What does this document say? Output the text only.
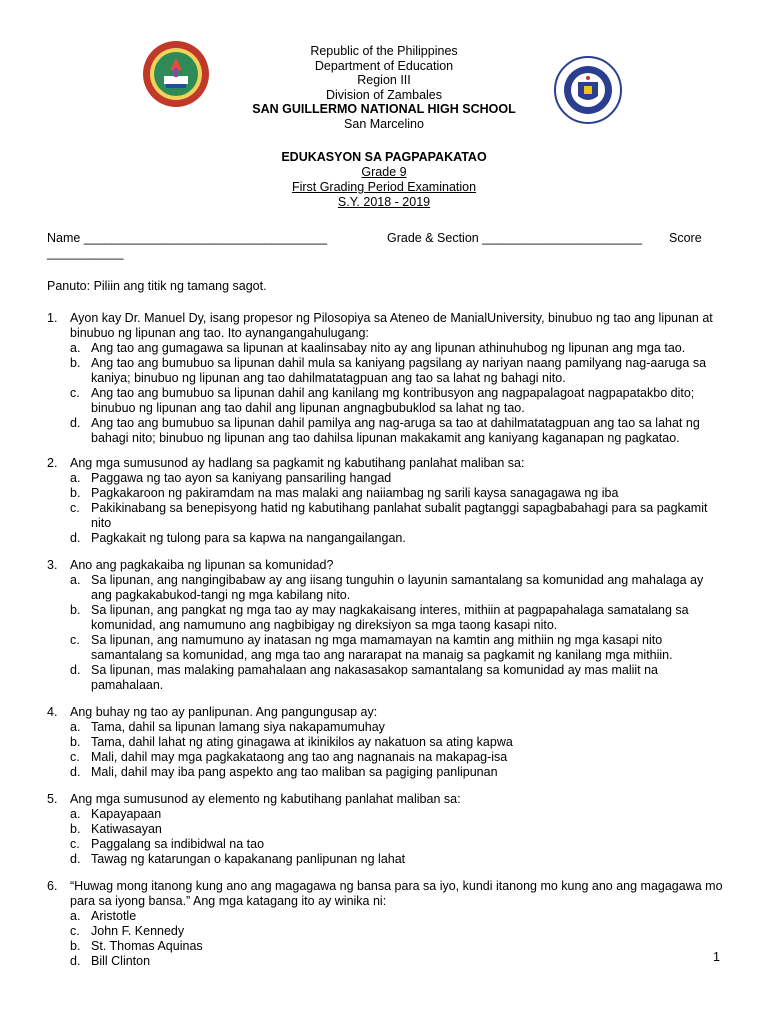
Republic of the Philippines
Department of Education
Region III
Division of Zambales
SAN GUILLERMO NATIONAL HIGH SCHOOL
San Marcelino
EDUKASYON SA PAGPAPAKATAO
Grade 9
First Grading Period Examination
S.Y. 2018 - 2019
Name ___________________________________	Grade & Section _______________________ Score
___________
Panuto: Piliin ang titik ng tamang sagot.
1. Ayon kay Dr. Manuel Dy, isang propesor ng Pilosopiya sa Ateneo de ManialUniversity, binubuo ng tao ang lipunan at binubuo ng lipunan ang tao. Ito aynangangahulugang:
a. Ang tao ang gumagawa sa lipunan at kaalinsabay nito ay ang lipunan athinuhubog ng lipunan ang mga tao.
b. Ang tao ang bumubuo sa lipunan dahil mula sa kaniyang pagsilang ay nariyan naang pamilyang nag-aaruga sa kaniya; binubuo ng lipunan ang tao dahilmatatagpuan ang tao sa lahat ng bahagi nito.
c. Ang tao ang bumubuo sa lipunan dahil ang kanilang mg kontribusyon ang nagpapalagoat nagpapatakbo dito; binubuo ng lipunan ang tao dahil ang lipunan angnagbubuklod sa lahat ng tao.
d. Ang tao ang bumubuo sa lipunan dahil pamilya ang nag-aruga sa tao at dahilmatatagpuan ang tao sa lahat ng bahagi nito; binubuo ng lipunan ang tao dahilsa lipunan makakamit ang kaniyang kaganapan ng pagkatao.
2. Ang mga sumusunod ay hadlang sa pagkamit ng kabutihang panlahat maliban sa:
a. Paggawa ng tao ayon sa kaniyang pansariling hangad
b. Pagkakaroon ng pakiramdam na mas malaki ang naiiambag ng sarili kaysa sanagagawa ng iba
c. Pakikinabang sa benepisyong hatid ng kabutihang panlahat subalit pagtanggi sapagbabahagi para sa pagkamit nito
d. Pagkakait ng tulong para sa kapwa na nangangailangan.
3. Ano ang pagkakaiba ng lipunan sa komunidad?
a. Sa lipunan, ang nangingibabaw ay ang iisang tunguhin o layunin samantalang sa komunidad ang mahalaga ay ang pagkakabukod-tangi ng mga kabilang nito.
b. Sa lipunan, ang pangkat ng mga tao ay may nagkakaisang interes, mithiin at pagpapahalaga samatalang sa komunidad, ang namumuno ang nagbibigay ng direksiyon sa mga taong kasapi nito.
c. Sa lipunan, ang namumuno ay inatasan ng mga mamamayan na kamtin ang mithiin ng mga kasapi nito samantalang sa komunidad, ang mga tao ang nararapat na manaig sa pagkamit ng kanilang mga mithiin.
d. Sa lipunan, mas malaking pamahalaan ang nakasasakop samantalang sa komunidad ay mas maliit na pamahalaan.
4. Ang buhay ng tao ay panlipunan. Ang pangungusap ay:
a. Tama, dahil sa lipunan lamang siya nakapamumuhay
b. Tama, dahil lahat ng ating ginagawa at ikinikilos ay nakatuon sa ating kapwa
c. Mali, dahil may mga pagkakataong ang tao ang nagnanais na makapag-isa
d. Mali, dahil may iba pang aspekto ang tao maliban sa pagiging panlipunan
5. Ang mga sumusunod ay elemento ng kabutihang panlahat maliban sa:
a. Kapayapaan
b. Katiwasayan
c. Paggalang sa indibidwal na tao
d. Tawag ng katarungan o kapakanang panlipunan ng lahat
6. “Huwag mong itanong kung ano ang magagawa ng bansa para sa iyo, kundi itanong mo kung ano ang magagawa mo para sa iyong bansa.” Ang mga katagang ito ay winika ni:
a. Aristotle
c. John F. Kennedy
b. St. Thomas Aquinas
d. Bill Clinton	1
